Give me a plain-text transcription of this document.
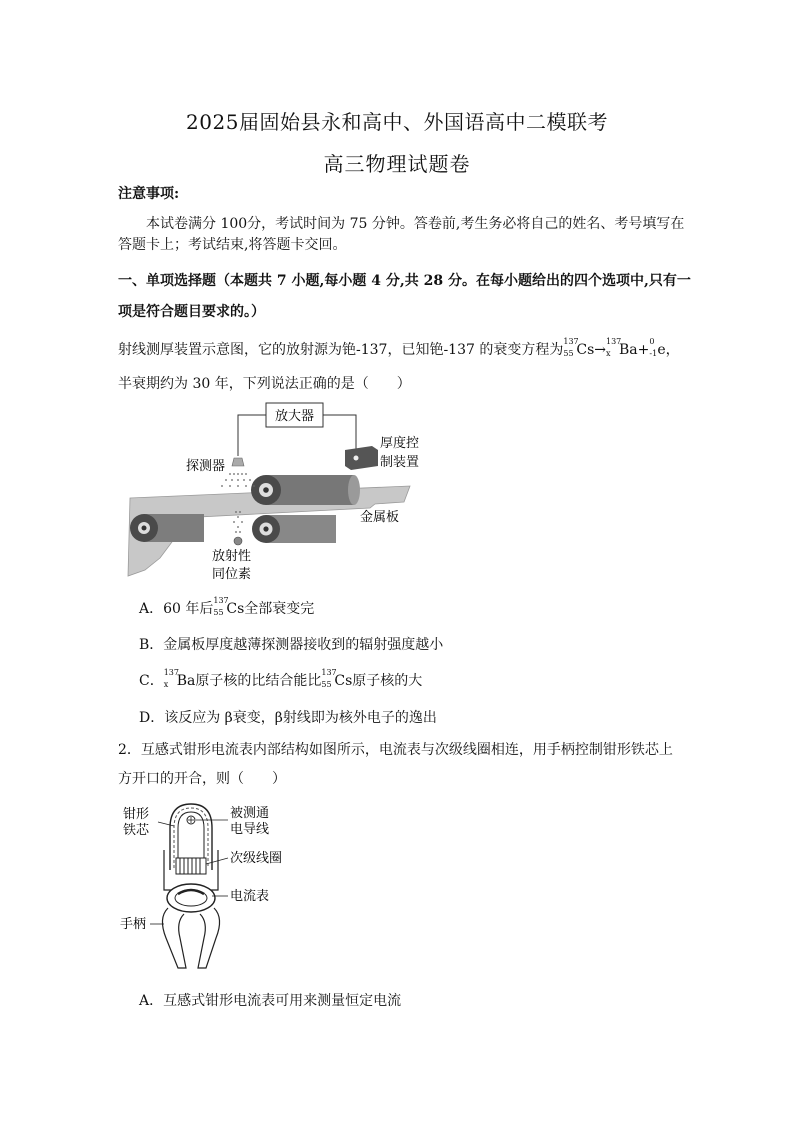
2025届固始县永和高中、外国语高中二模联考
高三物理试题卷
注意事项:
本试卷满分 100分，考试时间为 75 分钟。答卷前,考生务必将自己的姓名、考号填写在
答题卡上；考试结束,将答题卡交回。
一、单项选择题（本题共 7 小题,每小题 4 分,共 28 分。在每小题给出的四个选项中,只有一
项是符合题目要求的。）
射线测厚装置示意图，它的放射源为铯-137，已知铯-137 的衰变方程为
137
55 Cs→
137
x Ba+
0
-1 e，
半衰期约为 30 年，下列说法正确的是（　　）
放大器
厚度控
制装置
探测器
金属板
放射性
同位素
A．60 年后
137
55 Cs全部衰变完
B．金属板厚度越薄探测器接收到的辐射强度越小
C．
137
x Ba原子核的比结合能比
137
55 Cs原子核的大
D．该反应为 β衰变，β射线即为核外电子的逸出
2．互感式钳形电流表内部结构如图所示，电流表与次级线圈相连，用手柄控制钳形铁芯上
方开口的开合，则（　　）
钳形
铁芯
被测通
电导线
次级线圈
电流表
手柄
A．互感式钳形电流表可用来测量恒定电流
